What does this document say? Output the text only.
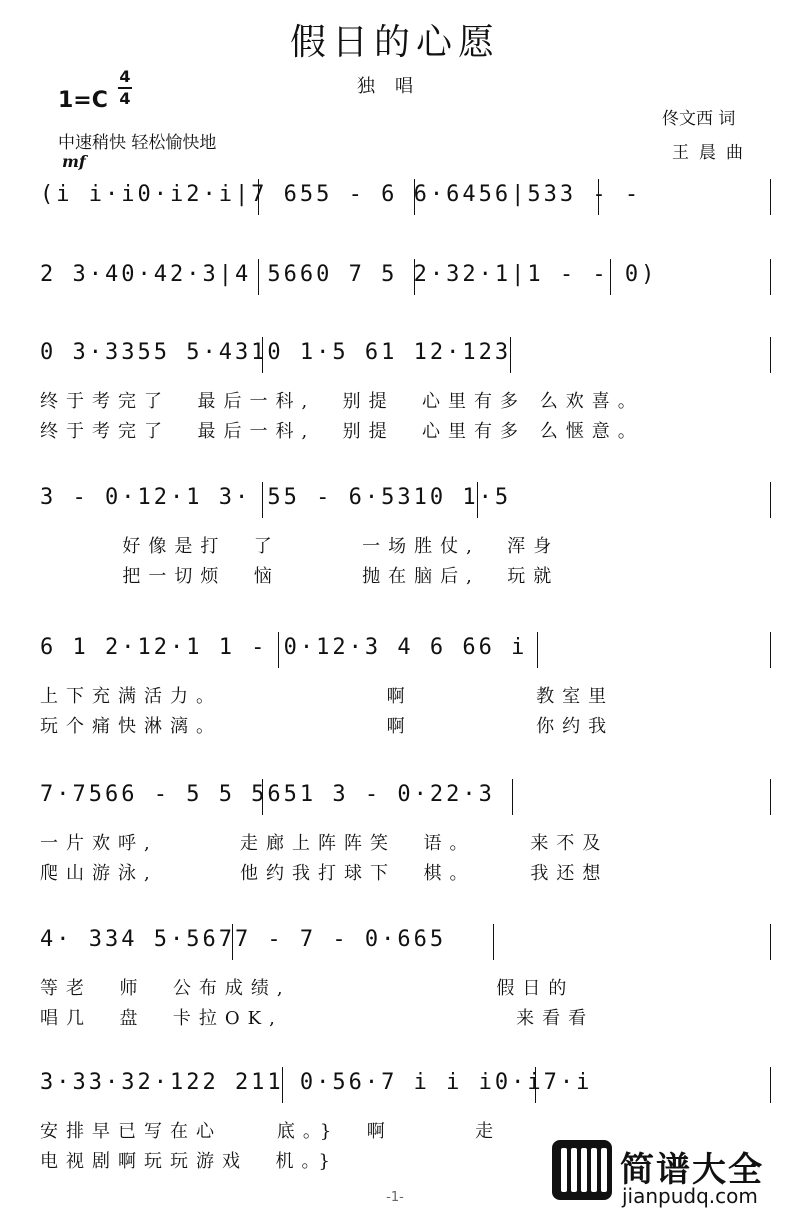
假日的心愿
独唱
1=C
4
4
中速稍快 轻松愉快地
mf
佟文西 词
王晨曲
(i i·i0·i2·i|7 655 - 6 6·6456|533 - -
2 3·40·42·3|4 5660 7 5 2·32·1|1 - - 0)
0 3·3355 5·4310 1·5 61 12·123
终于考完了  最后一科,  别提  心里有多 么欢喜。
终于考完了  最后一科,  别提  心里有多 么惬意。
3 - 0·12·1 3· 55 - 6·5310 1·5
好像是打  了      一场胜仗,  浑身
把一切烦  恼      抛在脑后,  玩就
6 1 2·12·1 1 - 0·12·3 4 6 66 i
上下充满活力。            啊         教室里
玩个痛快淋漓。            啊         你约我
7·7566 - 5 5 5651 3 - 0·22·3
一片欢呼,      走廊上阵阵笑  语。    来不及
爬山游泳,      他约我打球下  棋。    我还想
4· 334 5·5677 - 7 - 0·665
等老  师  公布成绩,               假日的
唱几  盘  卡拉OK,                 来看看
3·33·32·122 211 0·56·7 i i i0·i7·i
安排早已写在心    底。}  啊      走
电视剧啊玩玩游戏  机。}
-1-
简谱大全
jianpudq.com
